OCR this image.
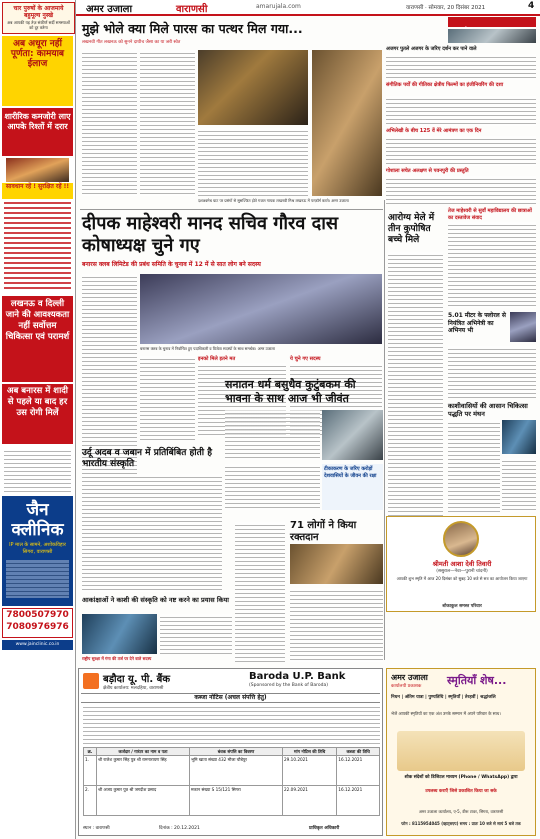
चार पुरुषों के आजमाये बहुमूल्य नुस्खे
अब आपकी यह तेज़ संकीर्ण सर्दी समस्याओं को दूर करेगा
अब अधूरा नहीं पूर्णता: कामयाब ईलाज
शारीरिक कमजोरी लाए आपके रिश्तों में दरार
सावधान रहें ! सुरक्षित रहें !!
लखनऊ व दिल्ली जाने की आवश्यकता नहीं सर्वोत्तम चिकित्सा एवं परामर्श
अब बनारस में शादी से पहले या बाद हर उस रोगी मिलें
जैन क्लीनिक
IP माल के सामने, अशोकविहार सिगरा, वाराणसी
7800507970
7080976976
www.jainclinic.co.in
अमर उजाला	वाराणसी	amarujala.com	वाराणसी · सोमवार, 20 दिसंबर 2021	4
मुझे भोले क्या मिले पारस का पत्थर मिल गया...
लखनवी गीत लखनऊ को सुनने दाधीच जैसा का या जरी स्वेत
दशाश्वमेध घाट पर प्रसंगों से सुसज्जित होते गजल गायक लखनवी मिश्र लखनऊ में परफ़ॉर्म करते। अमर उजाला
दीपक माहेश्वरी मानद सचिव गौरव दास कोषाध्यक्ष चुने गए
बनारस क्लब लिमिटेड की प्रबंध समिति के चुनाव में 12 में से सात लोग बने सदस्य
बनारस क्लब के चुनाव में निर्वाचित हुए पदाधिकारी व विजेता सदस्यों के साथ समर्थक। अमर उजाला
इनको मिले इतने मत	ये चुने गए सदस्य
उर्दू अदब व जबान में प्रतिबिंबित होती है भारतीय संस्कृति
सनातन धर्म बसुधैव कुटुंबकम की भावना के साथ आज भी जीवंत
टीकाकरण के जरिए करोड़ों देशवासियों के जीवन की रक्षा
आकांक्षाओं ने काशी की संस्कृति को नष्ट करने का प्रयास किया
राष्ट्रीय सुरक्षा में गंगा की तर्ज पर देने वाले सदस्य
71 लोगों ने किया रक्तदान
आरोग्य मेले में तीन कुपोषित बच्चे मिले
अजगर पुतले अजगर के जरिए दर्शन कर पाने वाले
संगीतिक पर्वों की गीतिका क्षेत्रीय फिल्मों का इंजीनियरिंग की दशा
अभिलेखी के बीच 125 वें मेरे आमंत्रण का एक दिन
गोशाला सचेत अलक्षण से पवनपुरी की प्रस्तुति
तेज माहेश्वरी से सुवाँ महाविद्यालय की छात्राओं का दस्तावेज संवाद
5.01 मीटर के फ्लोरल से नियंत्रित अभिनेत्री का अभिनय भी
काशीवासियों की आसान चिकित्सा पद्धति पर मंथन
श्रीमती आशा देवी तिवारी
(ससुराल—नेवा—पुरानी चांदनी)
आपकी शुभ स्मृति में आज 20 दिसंबर को सुबह 10 बजे से सत्र का आयोजन किया जाएगा
शोकाकुल समस्त परिवार
बड़ौदा यू. पी. बैंक	Baroda U.P. Bank
(Sponsored by the Bank of Baroda)
क्षेत्रीय कार्यालय: मलदहिया, वाराणसी
कब्जा नोटिस (अचल संपत्ति हेतु)
क्र.	कर्जदार / गारंटर का नाम व पता	बंधक संपत्ति का विवरण	मांग नोटिस की तिथि	कब्जा की तिथि
1.	श्री राजेश कुमार सिंह पुत्र श्री रामनारायण सिंह	भूमि खाता संख्या 432 मौजा चौबेपुर	29.10.2021	16.12.2021
2.	श्री अजय कुमार पुत्र श्री जगदीश प्रसाद	मकान संख्या S 15/121 सिगरा	22.09.2021	16.12.2021
स्थान : वाराणसी	दिनांक : 20.12.2021	प्राधिकृत अधिकारी
अमर उजाला
कार्यालयी प्रकाशक स्मृतियाँ शेष...
निधन | अंतिम यात्रा | पुण्यतिथि | स्मृतियाँ | तेरहवीं | श्रद्धांजलि
भेजें आपकी स्मृतियों का एक अंश उनके सम्मान में अपने परिवार के साथ।
शोक संदेशों को डिजिटल माध्यम (Phone / WhatsApp) द्वारा
उपलब्ध कराएँ जिसे प्रकाशित किया जा सके
अमर उजाला कार्यालय, ए-5, वीरू टावर, सिगरा, वाराणसी
फोन : 8115954045 (व्हाट्सएप) समय : प्रातः 10 बजे से सायं 5 बजे तक
